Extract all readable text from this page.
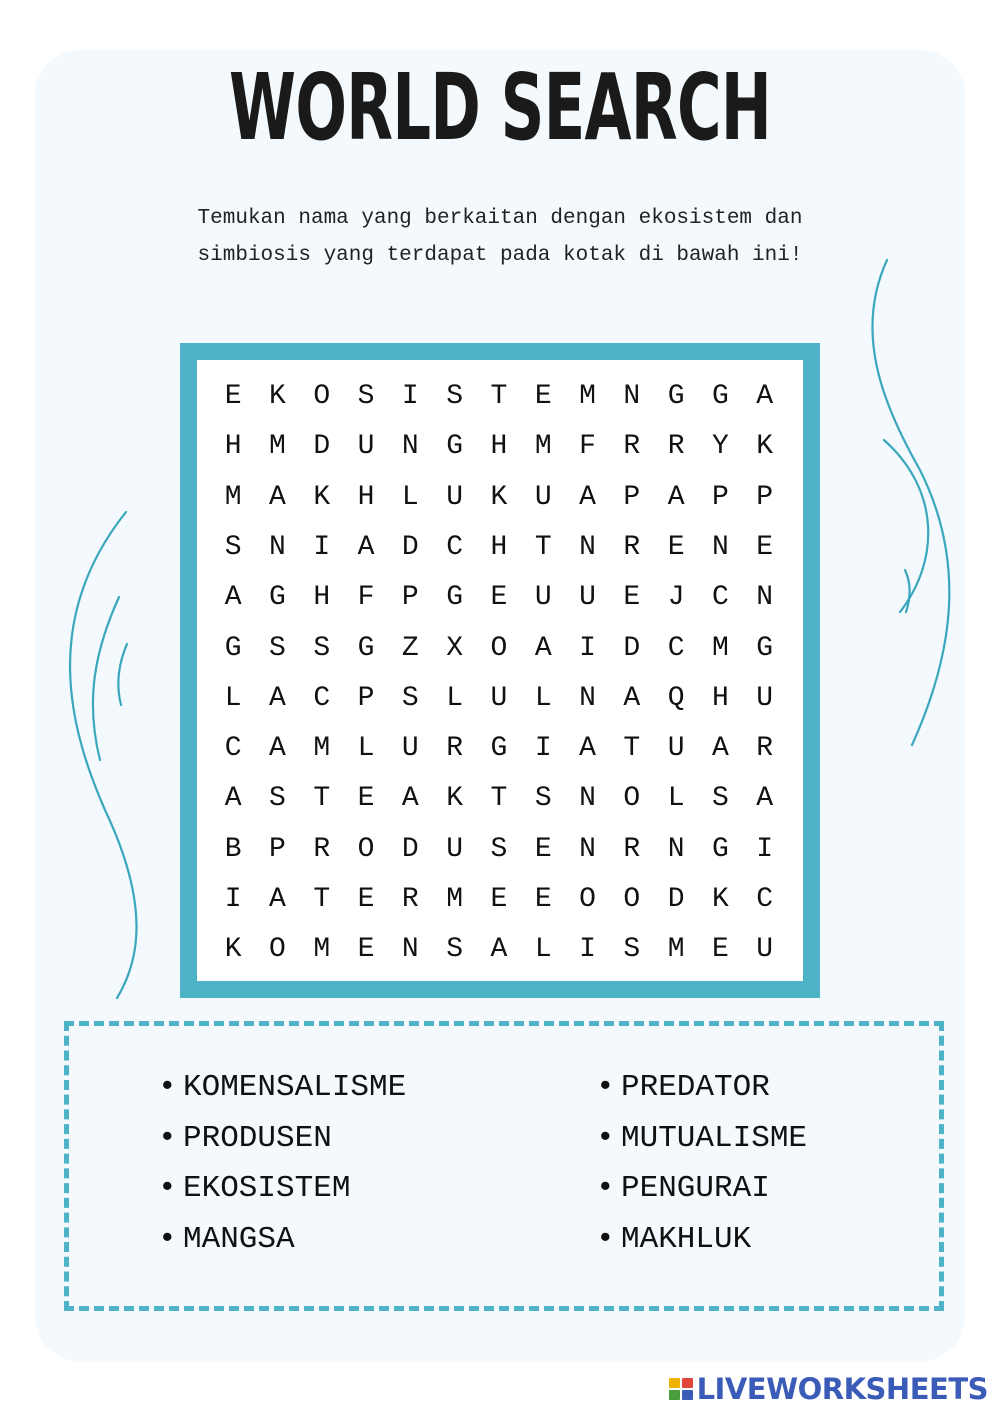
WORLD SEARCH
Temukan nama yang berkaitan dengan ekosistem dan simbiosis yang terdapat pada kotak di bawah ini!
E K O S I S T E M N G G A
H M D U N G H M F R R Y K
M A K H L U K U A P A P P
S N I A D C H T N R E N E
A G H F P G E U U E J C N
G S S G Z X O A I D C M G
L A C P S L U L N A Q H U
C A M L U R G I A T U A R
A S T E A K T S N O L S A
B P R O D U S E N R N G I
I A T E R M E E O O D K C
K O M E N S A L I S M E U
• KOMENSALISME
• PRODUSEN
• EKOSISTEM
• MANGSA
• PREDATOR
• MUTUALISME
• PENGURAI
• MAKHLUK
LIVEWORKSHEETS
